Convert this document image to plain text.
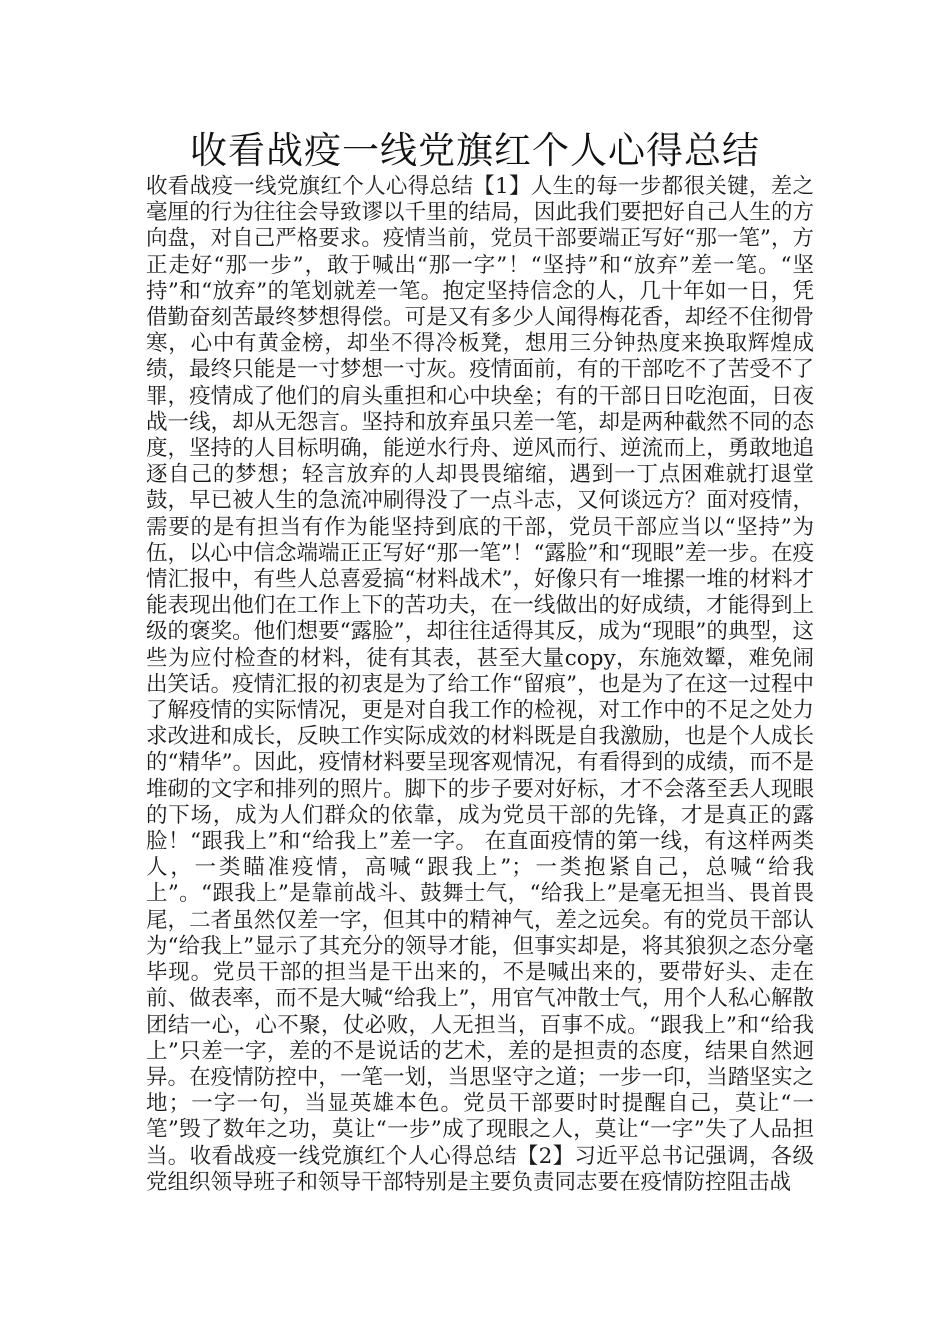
收看战疫一线党旗红个人心得总结

收看战疫一线党旗红个人心得总结【1】人生的每一步都很关键，差之毫厘的行为往往会导致谬以千里的结局，因此我们要把好自己人生的方向盘，对自己严格要求。疫情当前，党员干部要端正写好“那一笔”，方正走好“那一步”，敢于喊出“那一字”！“坚持”和“放弃”差一笔。“坚持”和“放弃”的笔划就差一笔。抱定坚持信念的人，几十年如一日，凭借勤奋刻苦最终梦想得偿。可是又有多少人闻得梅花香，却经不住彻骨寒，心中有黄金榜，却坐不得冷板凳，想用三分钟热度来换取辉煌成绩，最终只能是一寸梦想一寸灰。疫情面前，有的干部吃不了苦受不了罪，疫情成了他们的肩头重担和心中块垒；有的干部日日吃泡面，日夜战一线，却从无怨言。坚持和放弃虽只差一笔，却是两种截然不同的态度，坚持的人目标明确，能逆水行舟、逆风而行、逆流而上，勇敢地追逐自己的梦想；轻言放弃的人却畏畏缩缩，遇到一丁点困难就打退堂鼓，早已被人生的急流冲刷得没了一点斗志，又何谈远方？面对疫情，需要的是有担当有作为能坚持到底的干部，党员干部应当以“坚持”为伍，以心中信念端端正正写好“那一笔”！“露脸”和“现眼”差一步。在疫情汇报中，有些人总喜爱搞“材料战术”，好像只有一堆摞一堆的材料才能表现出他们在工作上下的苦功夫，在一线做出的好成绩，才能得到上级的褒奖。他们想要“露脸”，却往往适得其反，成为“现眼”的典型，这些为应付检查的材料，徒有其表，甚至大量copy，东施效颦，难免闹出笑话。疫情汇报的初衷是为了给工作“留痕”，也是为了在这一过程中了解疫情的实际情况，更是对自我工作的检视，对工作中的不足之处力求改进和成长，反映工作实际成效的材料既是自我激励，也是个人成长的“精华”。因此，疫情材料要呈现客观情况，有看得到的成绩，而不是堆砌的文字和排列的照片。脚下的步子要对好标，才不会落至丢人现眼的下场，成为人们群众的依靠，成为党员干部的先锋，才是真正的露脸！“跟我上”和“给我上”差一字。 在直面疫情的第一线，有这样两类人，一类瞄准疫情，高喊“跟我上”；一类抱紧自己，总喊“给我上”。“跟我上”是靠前战斗、鼓舞士气，“给我上”是毫无担当、畏首畏尾，二者虽然仅差一字，但其中的精神气，差之远矣。有的党员干部认为“给我上”显示了其充分的领导才能，但事实却是，将其狼狈之态分毫毕现。党员干部的担当是干出来的，不是喊出来的，要带好头、走在前、做表率，而不是大喊“给我上”，用官气冲散士气，用个人私心解散团结一心，心不聚，仗必败，人无担当，百事不成。“跟我上”和“给我上”只差一字，差的不是说话的艺术，差的是担责的态度，结果自然迥异。在疫情防控中，一笔一划，当思坚守之道；一步一印，当踏坚实之地；一字一句，当显英雄本色。党员干部要时时提醒自己，莫让“一笔”毁了数年之功，莫让“一步”成了现眼之人，莫让“一字”失了人品担当。收看战疫一线党旗红个人心得总结【2】习近平总书记强调，各级党组织领导班子和领导干部特别是主要负责同志要在疫情防控阻击战
